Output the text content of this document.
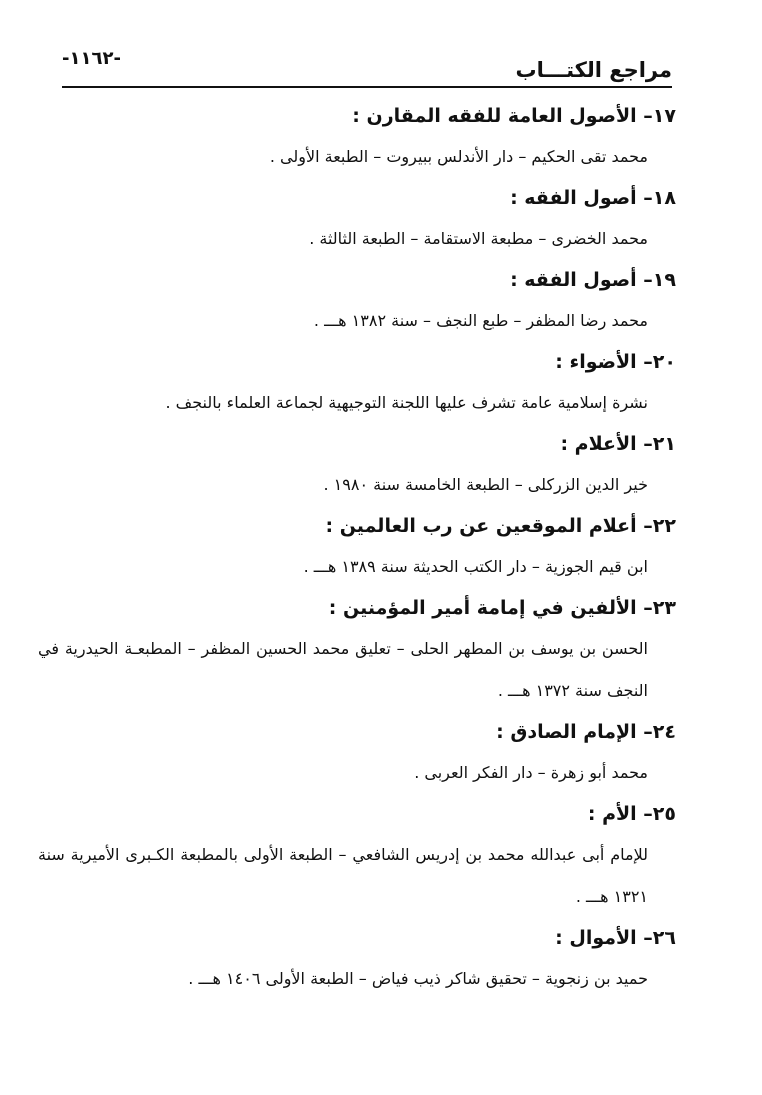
مراجع الكتـــاب
-١١٦٢-
١٧– الأصول العامة للفقه المقارن :
محمد تقى الحكيم – دار الأندلس ببيروت – الطبعة الأولى .
١٨– أصول الفقه :
محمد الخضرى – مطبعة الاستقامة – الطبعة الثالثة .
١٩– أصول الفقه :
محمد رضا المظفر – طبع النجف – سنة ١٣٨٢ هـــ .
٢٠– الأضواء :
نشرة إسلامية عامة تشرف عليها اللجنة التوجيهية لجماعة العلماء بالنجف .
٢١– الأعلام :
خير الدين الزركلى – الطبعة الخامسة سنة ١٩٨٠ .
٢٢– أعلام الموقعين عن رب العالمين :
ابن قيم الجوزية – دار الكتب الحديثة سنة ١٣٨٩ هـــ .
٢٣– الألفين في إمامة أمير المؤمنين :
الحسن بن يوسف بن المطهر الحلى – تعليق محمد الحسين المظفر – المطبعـة الحيدرية في النجف سنة ١٣٧٢ هـــ .
٢٤– الإمام الصادق :
محمد أبو زهرة – دار الفكر العربى .
٢٥– الأم :
للإمام أبى عبدالله محمد بن إدريس الشافعي – الطبعة الأولى بالمطبعة الكـبرى الأميرية سنة ١٣٢١ هـــ .
٢٦– الأموال :
حميد بن زنجوية – تحقيق شاكر ذيب فياض – الطبعة الأولى ١٤٠٦ هـــ .
